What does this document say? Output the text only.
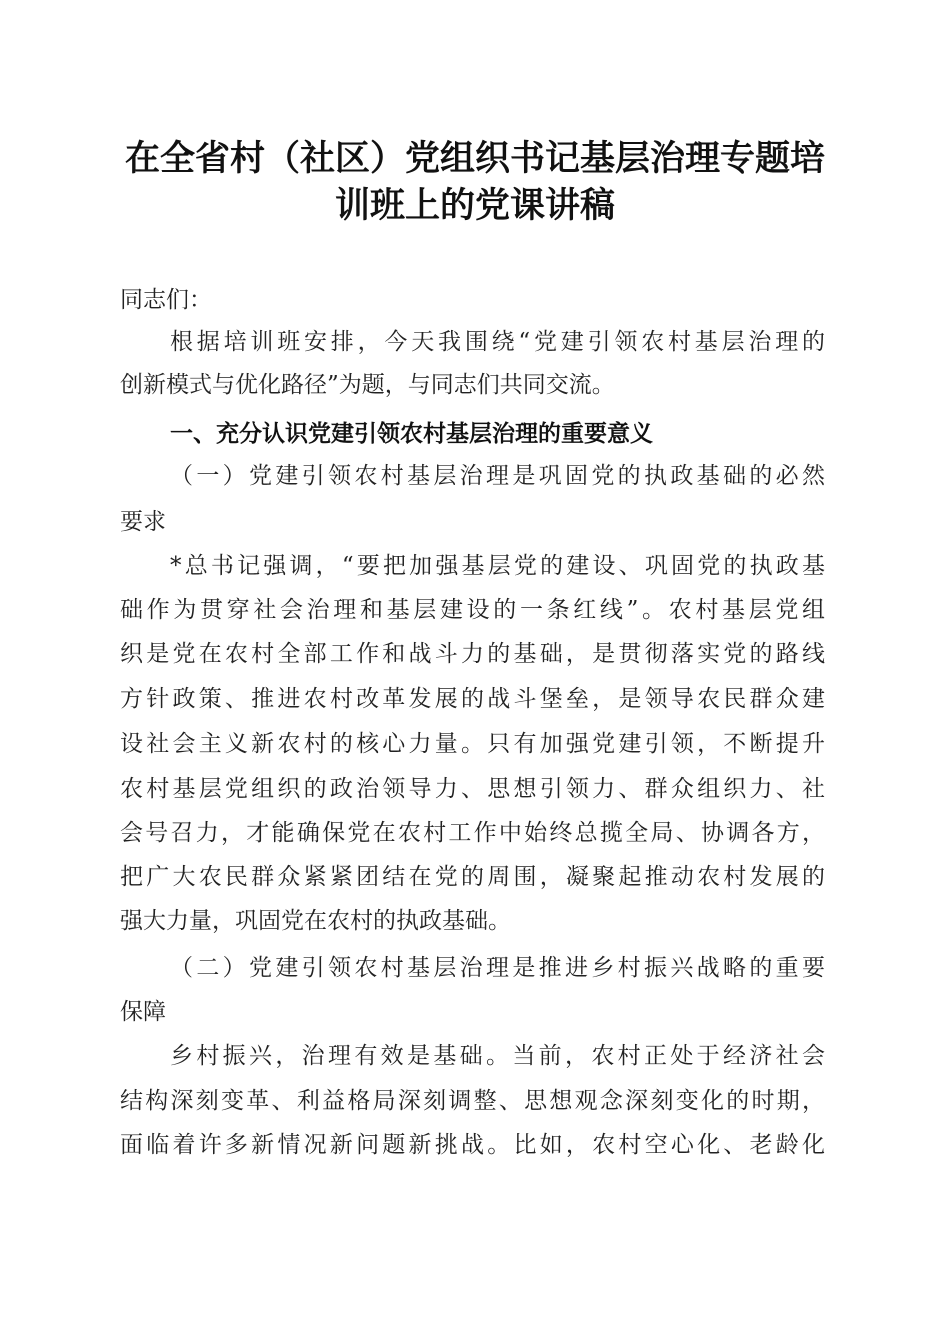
在全省村（社区）党组织书记基层治理专题培
训班上的党课讲稿
同志们：
根据培训班安排，今天我围绕“党建引领农村基层治理的
创新模式与优化路径”为题，与同志们共同交流。
一、充分认识党建引领农村基层治理的重要意义
（一）党建引领农村基层治理是巩固党的执政基础的必然
要求
*总书记强调，“要把加强基层党的建设、巩固党的执政基
础作为贯穿社会治理和基层建设的一条红线”。农村基层党组
织是党在农村全部工作和战斗力的基础，是贯彻落实党的路线
方针政策、推进农村改革发展的战斗堡垒，是领导农民群众建
设社会主义新农村的核心力量。只有加强党建引领，不断提升
农村基层党组织的政治领导力、思想引领力、群众组织力、社
会号召力，才能确保党在农村工作中始终总揽全局、协调各方，
把广大农民群众紧紧团结在党的周围，凝聚起推动农村发展的
强大力量，巩固党在农村的执政基础。
（二）党建引领农村基层治理是推进乡村振兴战略的重要
保障
乡村振兴，治理有效是基础。当前，农村正处于经济社会
结构深刻变革、利益格局深刻调整、思想观念深刻变化的时期，
面临着许多新情况新问题新挑战。比如，农村空心化、老龄化
